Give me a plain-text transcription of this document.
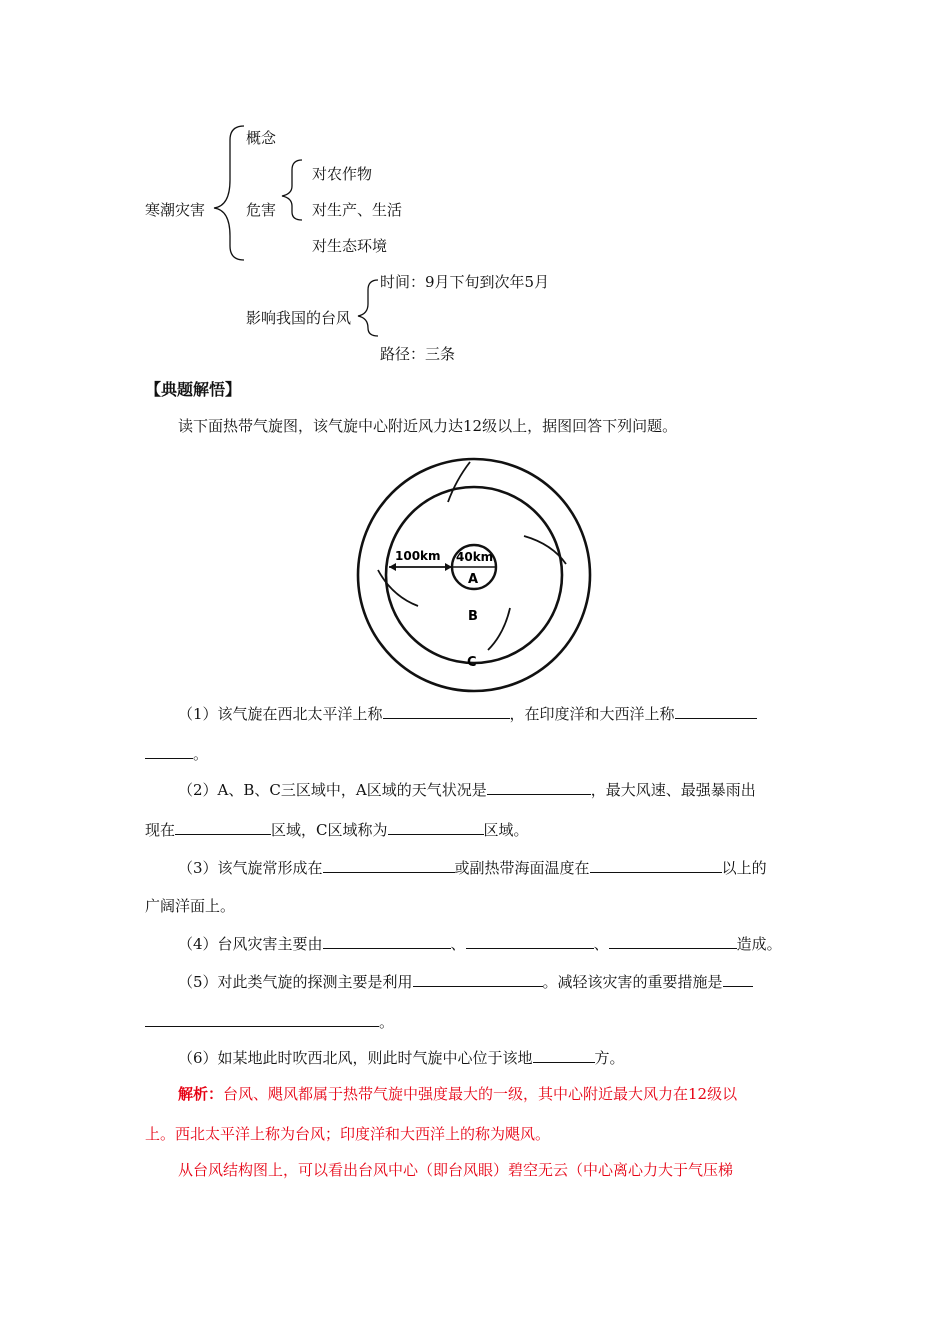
概念
对农作物
寒潮灾害	危害 对生产、生活
对生态环境
时间：9月下旬到次年5月
影响我国的台风
路径：三条
【典题解悟】
读下面热带气旋图，该气旋中心附近风力达12级以上，据图回答下列问题。
100km 40km
A
B
C
（1）该气旋在西北太平洋上称	，在印度洋和大西洋上称
。
（2）A、B、C三区域中，A区域的天气状况是	，最大风速、最强暴雨出
现在	区域，C区域称为	区域。
（3）该气旋常形成在	或副热带海面温度在	以上的
广阔洋面上。
（4）台风灾害主要由	、	、	造成。
（5）对此类气旋的探测主要是利用	。减轻该灾害的重要措施是
。
（6）如某地此时吹西北风，则此时气旋中心位于该地	方。
解析：台风、飓风都属于热带气旋中强度最大的一级，其中心附近最大风力在12级以
上。西北太平洋上称为台风；印度洋和大西洋上的称为飓风。
从台风结构图上，可以看出台风中心（即台风眼）碧空无云（中心离心力大于气压梯
